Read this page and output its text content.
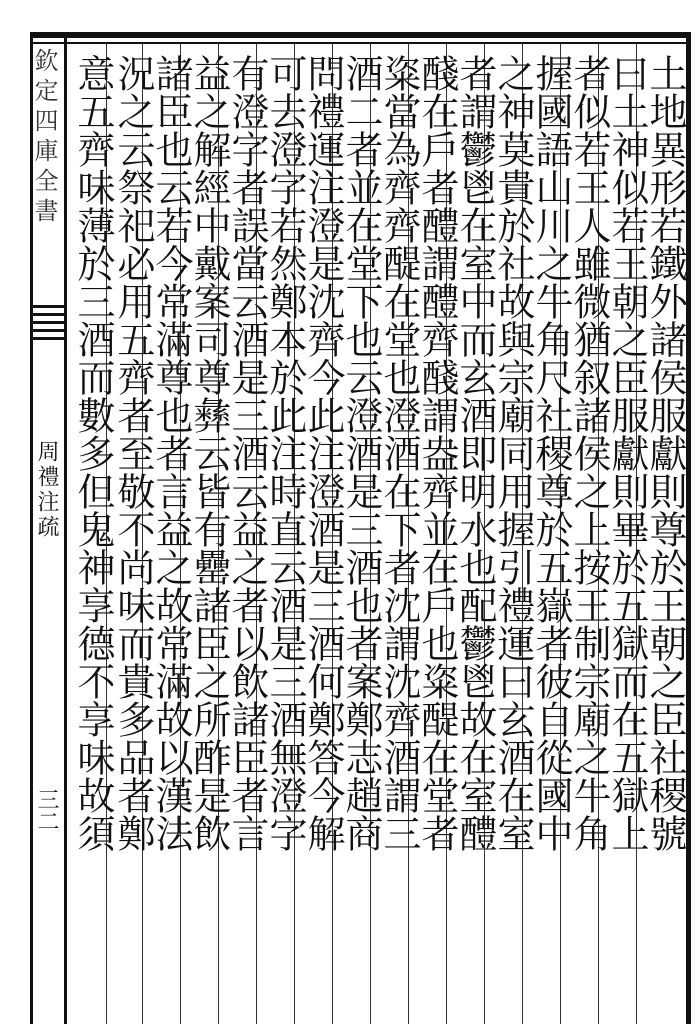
欽定四庫全書
周禮注疏
三二	土地異形若鐵外諸侯服獻則尊於王朝之臣社稷號
曰土神似若王朝之臣服獻則畢於五獄而在五獄上
者似若王人雖微猶叙諸侯之上按王制宗廟之牛角
握國語山川之牛角尺社稷尊於五嶽者彼自從國中
之神莫貴於社故與宗廟同用握引禮運曰玄酒在室
者謂鬱鬯在室中而玄酒即明水也配鬱鬯故在室醴
醆在戶者醴謂醴齊醆謂盎齊並在戶也粢醍在堂者
粢當為齊齊醍在堂也澄酒在下者沈謂沈齊酒謂三
酒二者並在堂下也云澄酒是三酒也者案鄭志趙商
問禮運注澄是沈齊今此注澄酒是三酒何鄭答今解
可去澄字若然鄭本於此注時直云酒是三酒無澄字
有澄字者誤當云酒是三酒云益之者以飲諸臣者言
益之解經中戴案司尊彝云皆有罍諸臣之所酢是飲
諸臣也云若今常滿尊也者言益之故常滿故以漢法
況之云祭祀必用五齊者至敬不尚味而貴多品者鄭
意五齊味薄於三酒而數多但鬼神享德不享味故須
